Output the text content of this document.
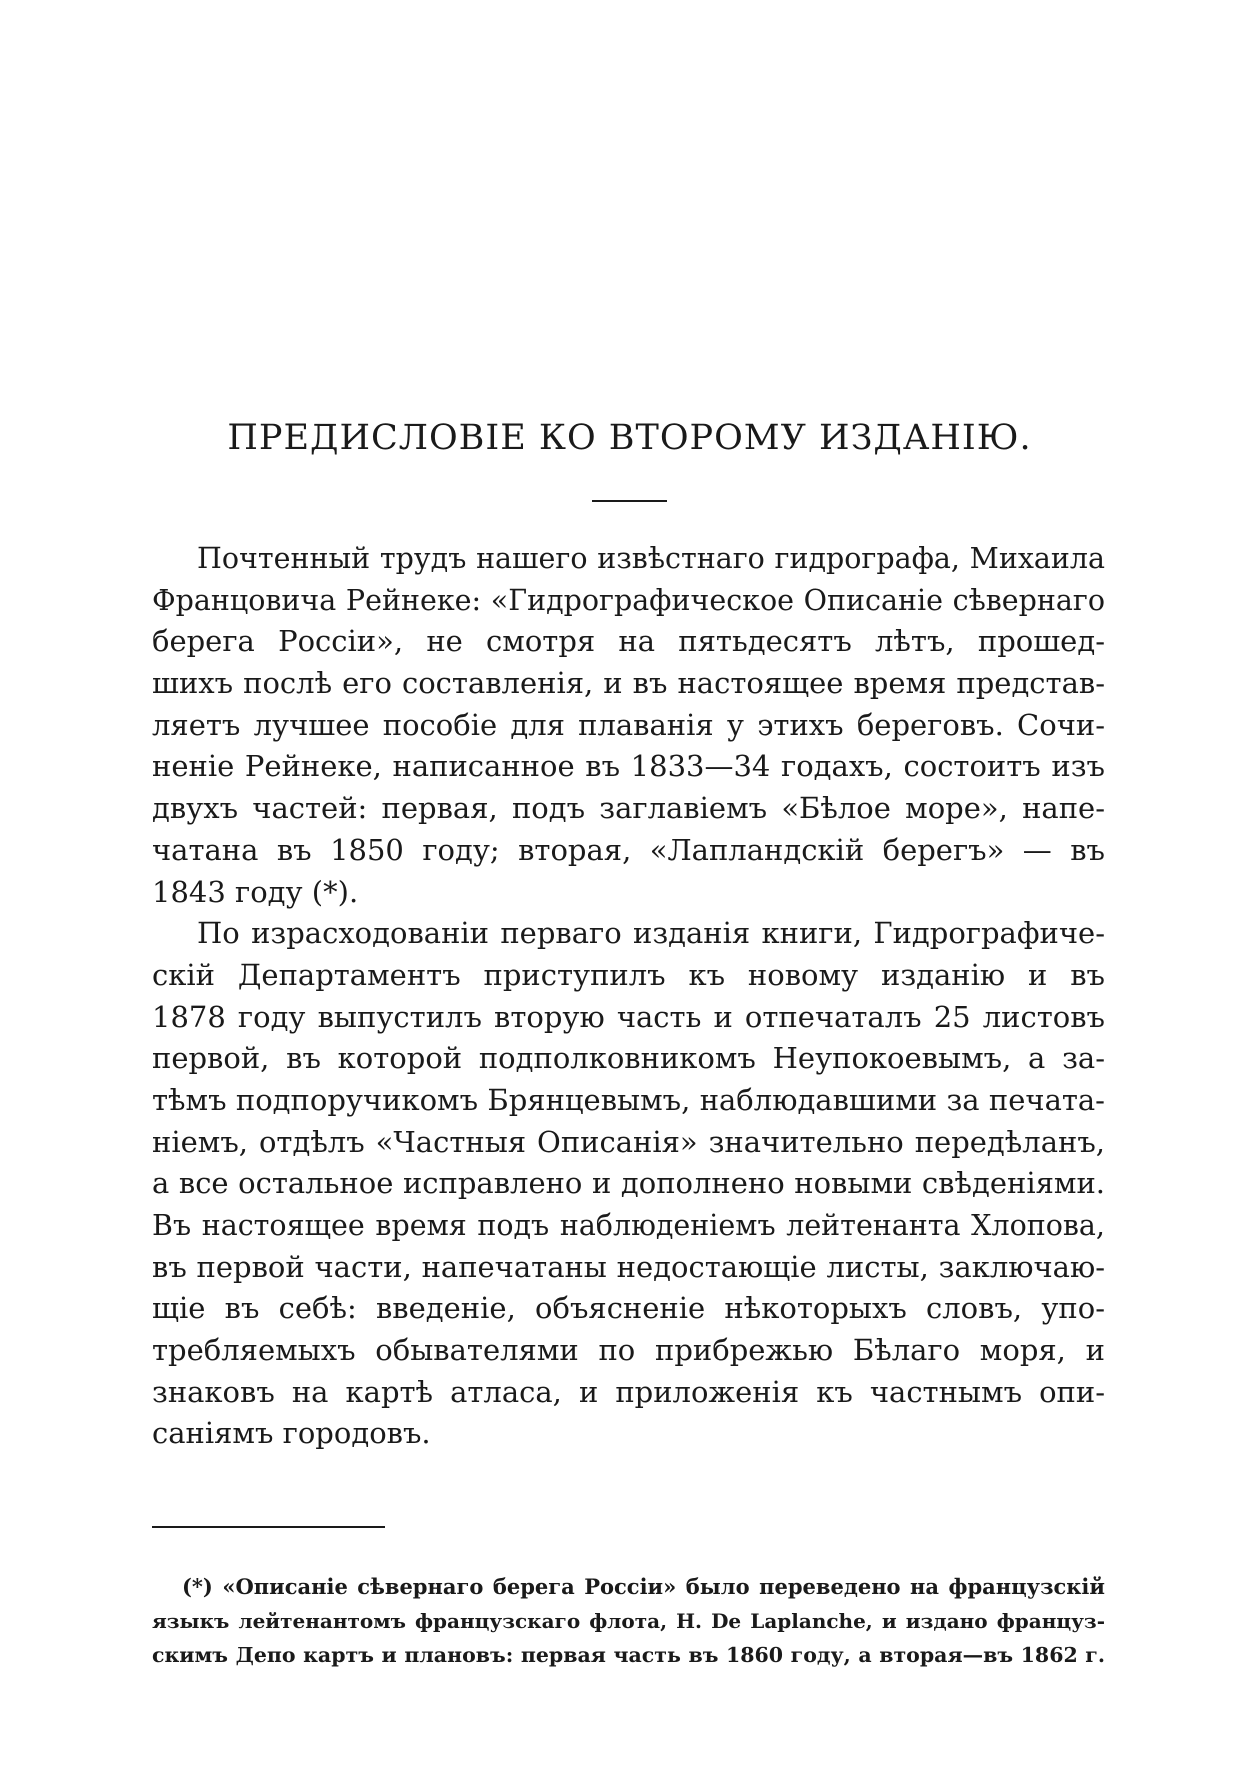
ПРЕДИСЛОВIЕ КО ВТОРОМУ ИЗДАНIЮ.
Почтенный трудъ нашего извѣстнаго гидрографа, Михаила
Францовича Рейнеке: «Гидрографическое Описанiе сѣвернаго
берега Россiи», не смотря на пятьдесятъ лѣтъ, прошед-
шихъ послѣ его составленiя, и въ настоящее время представ-
ляетъ лучшее пособiе для плаванiя у этихъ береговъ. Сочи-
ненiе Рейнеке, написанное въ 1833—34 годахъ, состоитъ изъ
двухъ частей: первая, подъ заглавiемъ «Бѣлое море», напе-
чатана въ 1850 году; вторая, «Лапландскiй берегъ» — въ
1843 году (*).
По израсходованiи перваго изданiя книги, Гидрографиче-
скiй Департаментъ приступилъ къ новому изданiю и въ
1878 году выпустилъ вторую часть и отпечаталъ 25 листовъ
первой, въ которой подполковникомъ Неупокоевымъ, а за-
тѣмъ подпоручикомъ Брянцевымъ, наблюдавшими за печата-
нiемъ, отдѣлъ «Частныя Описанiя» значительно передѣланъ,
а все остальное исправлено и дополнено новыми свѣденiями.
Въ настоящее время подъ наблюденiемъ лейтенанта Хлопова,
въ первой части, напечатаны недостающiе листы, заключаю-
щiе въ себѣ: введенiе, объясненiе нѣкоторыхъ словъ, упо-
требляемыхъ обывателями по прибрежью Бѣлаго моря, и
знаковъ на картѣ атласа, и приложенiя къ частнымъ опи-
санiямъ городовъ.
(*) «Описанiе сѣвернаго берега Россiи» было переведено на французскiй
языкъ лейтенантомъ французскаго флота, H. De Laplanche, и издано француз-
скимъ Депо картъ и плановъ: первая часть въ 1860 году, а вторая—въ 1862 г.
